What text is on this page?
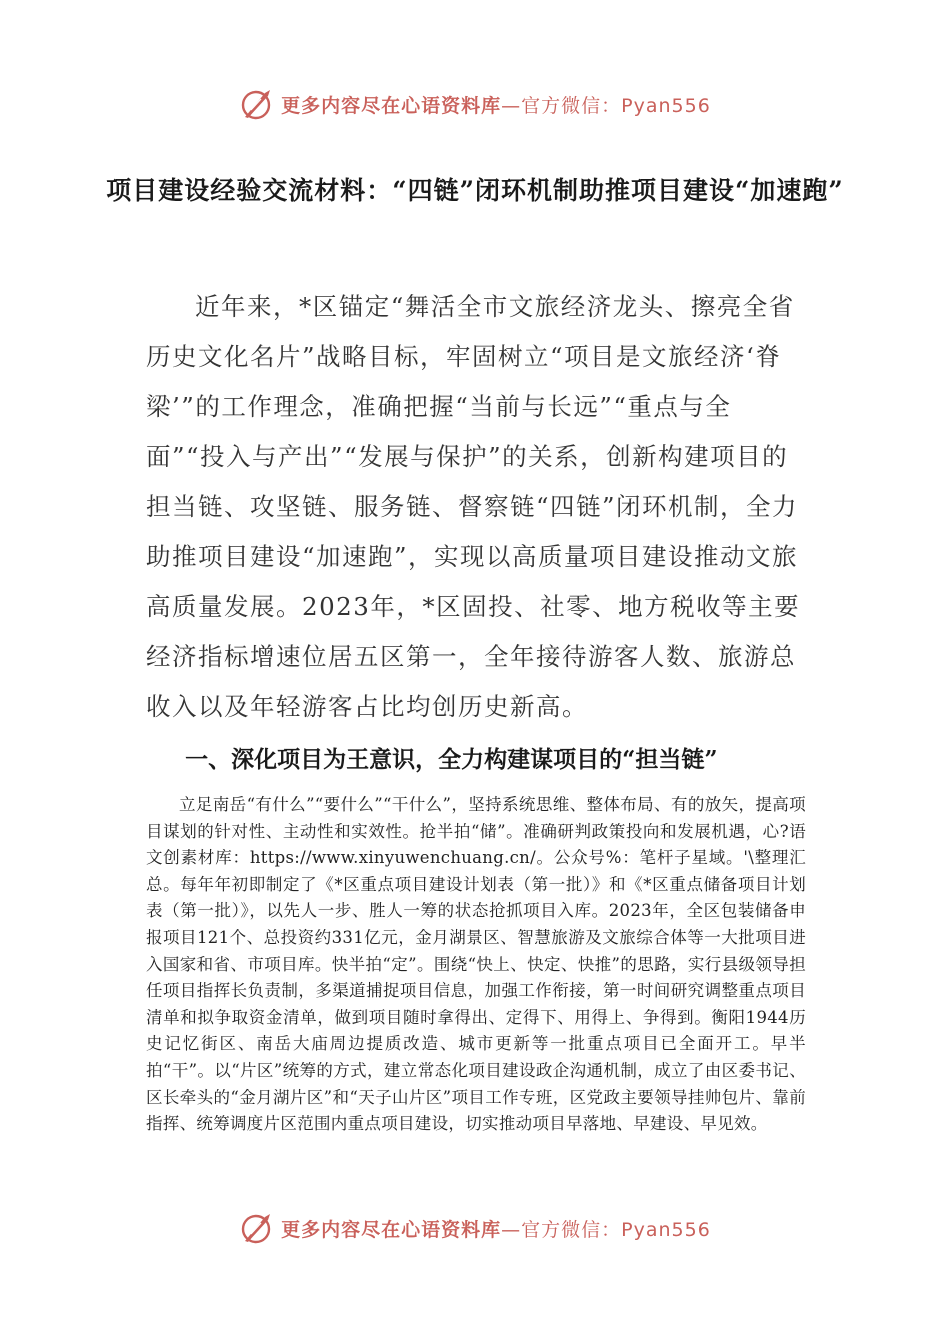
更多内容尽在心语资料库—官方微信：Pyan556
项目建设经验交流材料：“四链”闭环机制助推项目建设“加速跑”

近年来，*区锚定“舞活全市文旅经济龙头、擦亮全省历史文化名片”战略目标，牢固树立“项目是文旅经济‘脊梁’”的工作理念，准确把握“当前与长远”“重点与全面”“投入与产出”“发展与保护”的关系，创新构建项目的担当链、攻坚链、服务链、督察链“四链”闭环机制，全力助推项目建设“加速跑”，实现以高质量项目建设推动文旅高质量发展。2023年，*区固投、社零、地方税收等主要经济指标增速位居五区第一，全年接待游客人数、旅游总收入以及年轻游客占比均创历史新高。

一、深化项目为王意识，全力构建谋项目的“担当链”

立足南岳“有什么”“要什么”“干什么”，坚持系统思维、整体布局、有的放矢，提高项目谋划的针对性、主动性和实效性。抢半拍“储”。准确研判政策投向和发展机遇，心?语文创素材库：https://www.xinyuwenchuang.cn/。公众号%：笔杆子星域。'\整理汇总。每年年初即制定了《*区重点项目建设计划表（第一批）》和《*区重点储备项目计划表（第一批）》，以先人一步、胜人一筹的状态抢抓项目入库。2023年，全区包装储备申报项目121个、总投资约331亿元，金月湖景区、智慧旅游及文旅综合体等一大批项目进入国家和省、市项目库。快半拍“定”。围绕“快上、快定、快推”的思路，实行县级领导担任项目指挥长负责制，多渠道捕捉项目信息，加强工作衔接，第一时间研究调整重点项目清单和拟争取资金清单，做到项目随时拿得出、定得下、用得上、争得到。衡阳1944历史记忆街区、南岳大庙周边提质改造、城市更新等一批重点项目已全面开工。早半拍“干”。以“片区”统筹的方式，建立常态化项目建设政企沟通机制，成立了由区委书记、区长牵头的“金月湖片区”和“天子山片区”项目工作专班，区党政主要领导挂帅包片、靠前指挥、统筹调度片区范围内重点项目建设，切实推动项目早落地、早建设、早见效。

更多内容尽在心语资料库—官方微信：Pyan556
